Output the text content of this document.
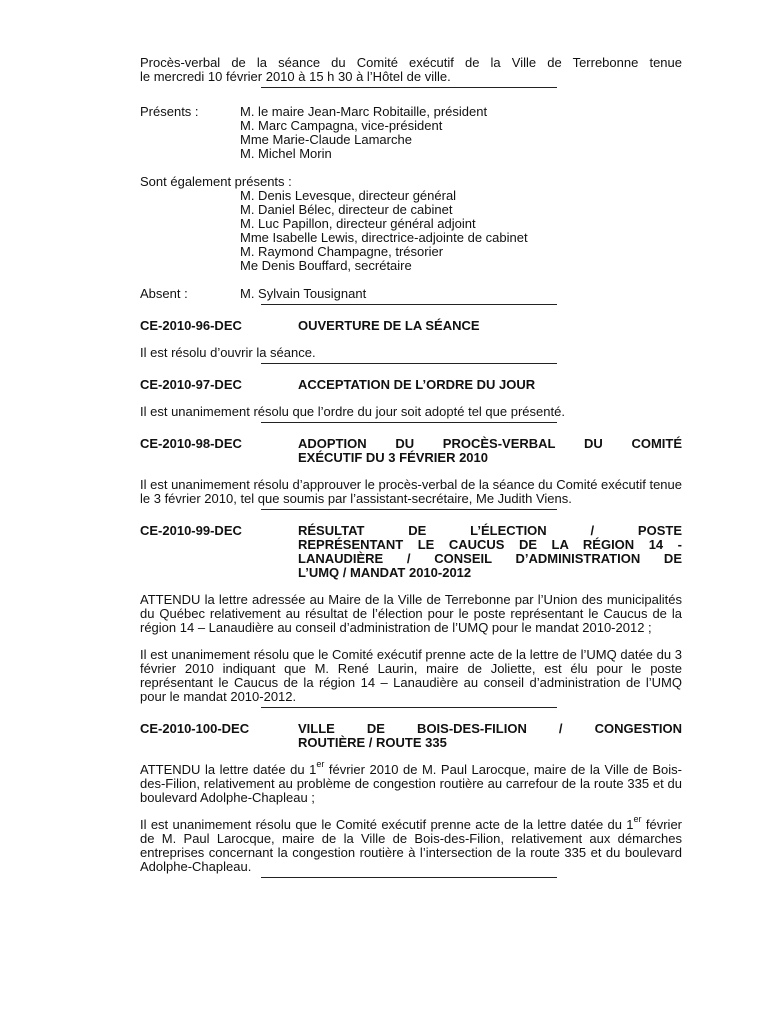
Procès-verbal de la séance du Comité exécutif de la Ville de Terrebonne tenue

le mercredi 10 février 2010 à 15 h 30 à l’Hôtel de ville.

Présents :	M. le maire Jean-Marc Robitaille, président
M. Marc Campagna, vice-président
Mme Marie-Claude Lamarche
M. Michel Morin
Sont également présents :
M. Denis Levesque, directeur général
M. Daniel Bélec, directeur de cabinet
M. Luc Papillon, directeur général adjoint
Mme Isabelle Lewis, directrice-adjointe de cabinet
M. Raymond Champagne, trésorier
Me Denis Bouffard, secrétaire
Absent :	M. Sylvain Tousignant
CE-2010-96-DEC	OUVERTURE DE LA SÉANCE

Il est résolu d’ouvrir la séance.

CE-2010-97-DEC	ACCEPTATION DE L’ORDRE DU JOUR

Il est unanimement résolu que l’ordre du jour soit adopté tel que présenté.

CE-2010-98-DEC	ADOPTION DU PROCÈS-VERBAL DU COMITÉ
EXÉCUTIF DU 3 FÉVRIER 2010

Il est unanimement résolu d’approuver le procès-verbal de la séance du Comité exécutif tenue le 3 février 2010, tel que soumis par l’assistant-secrétaire, Me Judith Viens.

CE-2010-99-DEC	RÉSULTAT DE L’ÉLECTION / POSTE
REPRÉSENTANT LE CAUCUS DE LA RÉGION 14 -
LANAUDIÈRE / CONSEIL D’ADMINISTRATION DE
L’UMQ / MANDAT 2010-2012

ATTENDU la lettre adressée au Maire de la Ville de Terrebonne par l’Union des municipalités du Québec relativement au résultat de l’élection pour le poste représentant le Caucus de la région 14 – Lanaudière au conseil d’administration de l’UMQ pour le mandat 2010-2012 ;

Il est unanimement résolu que le Comité exécutif prenne acte de la lettre de l’UMQ datée du 3 février 2010 indiquant que M. René Laurin, maire de Joliette, est élu pour le poste représentant le Caucus de la région 14 – Lanaudière au conseil d’administration de l’UMQ pour le mandat 2010-2012.

CE-2010-100-DEC	VILLE DE BOIS-DES-FILION / CONGESTION
ROUTIÈRE / ROUTE 335

ATTENDU la lettre datée du 1er février 2010 de M. Paul Larocque, maire de la Ville de Bois-des-Filion, relativement au problème de congestion routière au carrefour de la route 335 et du boulevard Adolphe-Chapleau ;

Il est unanimement résolu que le Comité exécutif prenne acte de la lettre datée du 1er février de M. Paul Larocque, maire de la Ville de Bois-des-Filion, relativement aux démarches entreprises concernant la congestion routière à l’intersection de la route 335 et du boulevard Adolphe-Chapleau.
